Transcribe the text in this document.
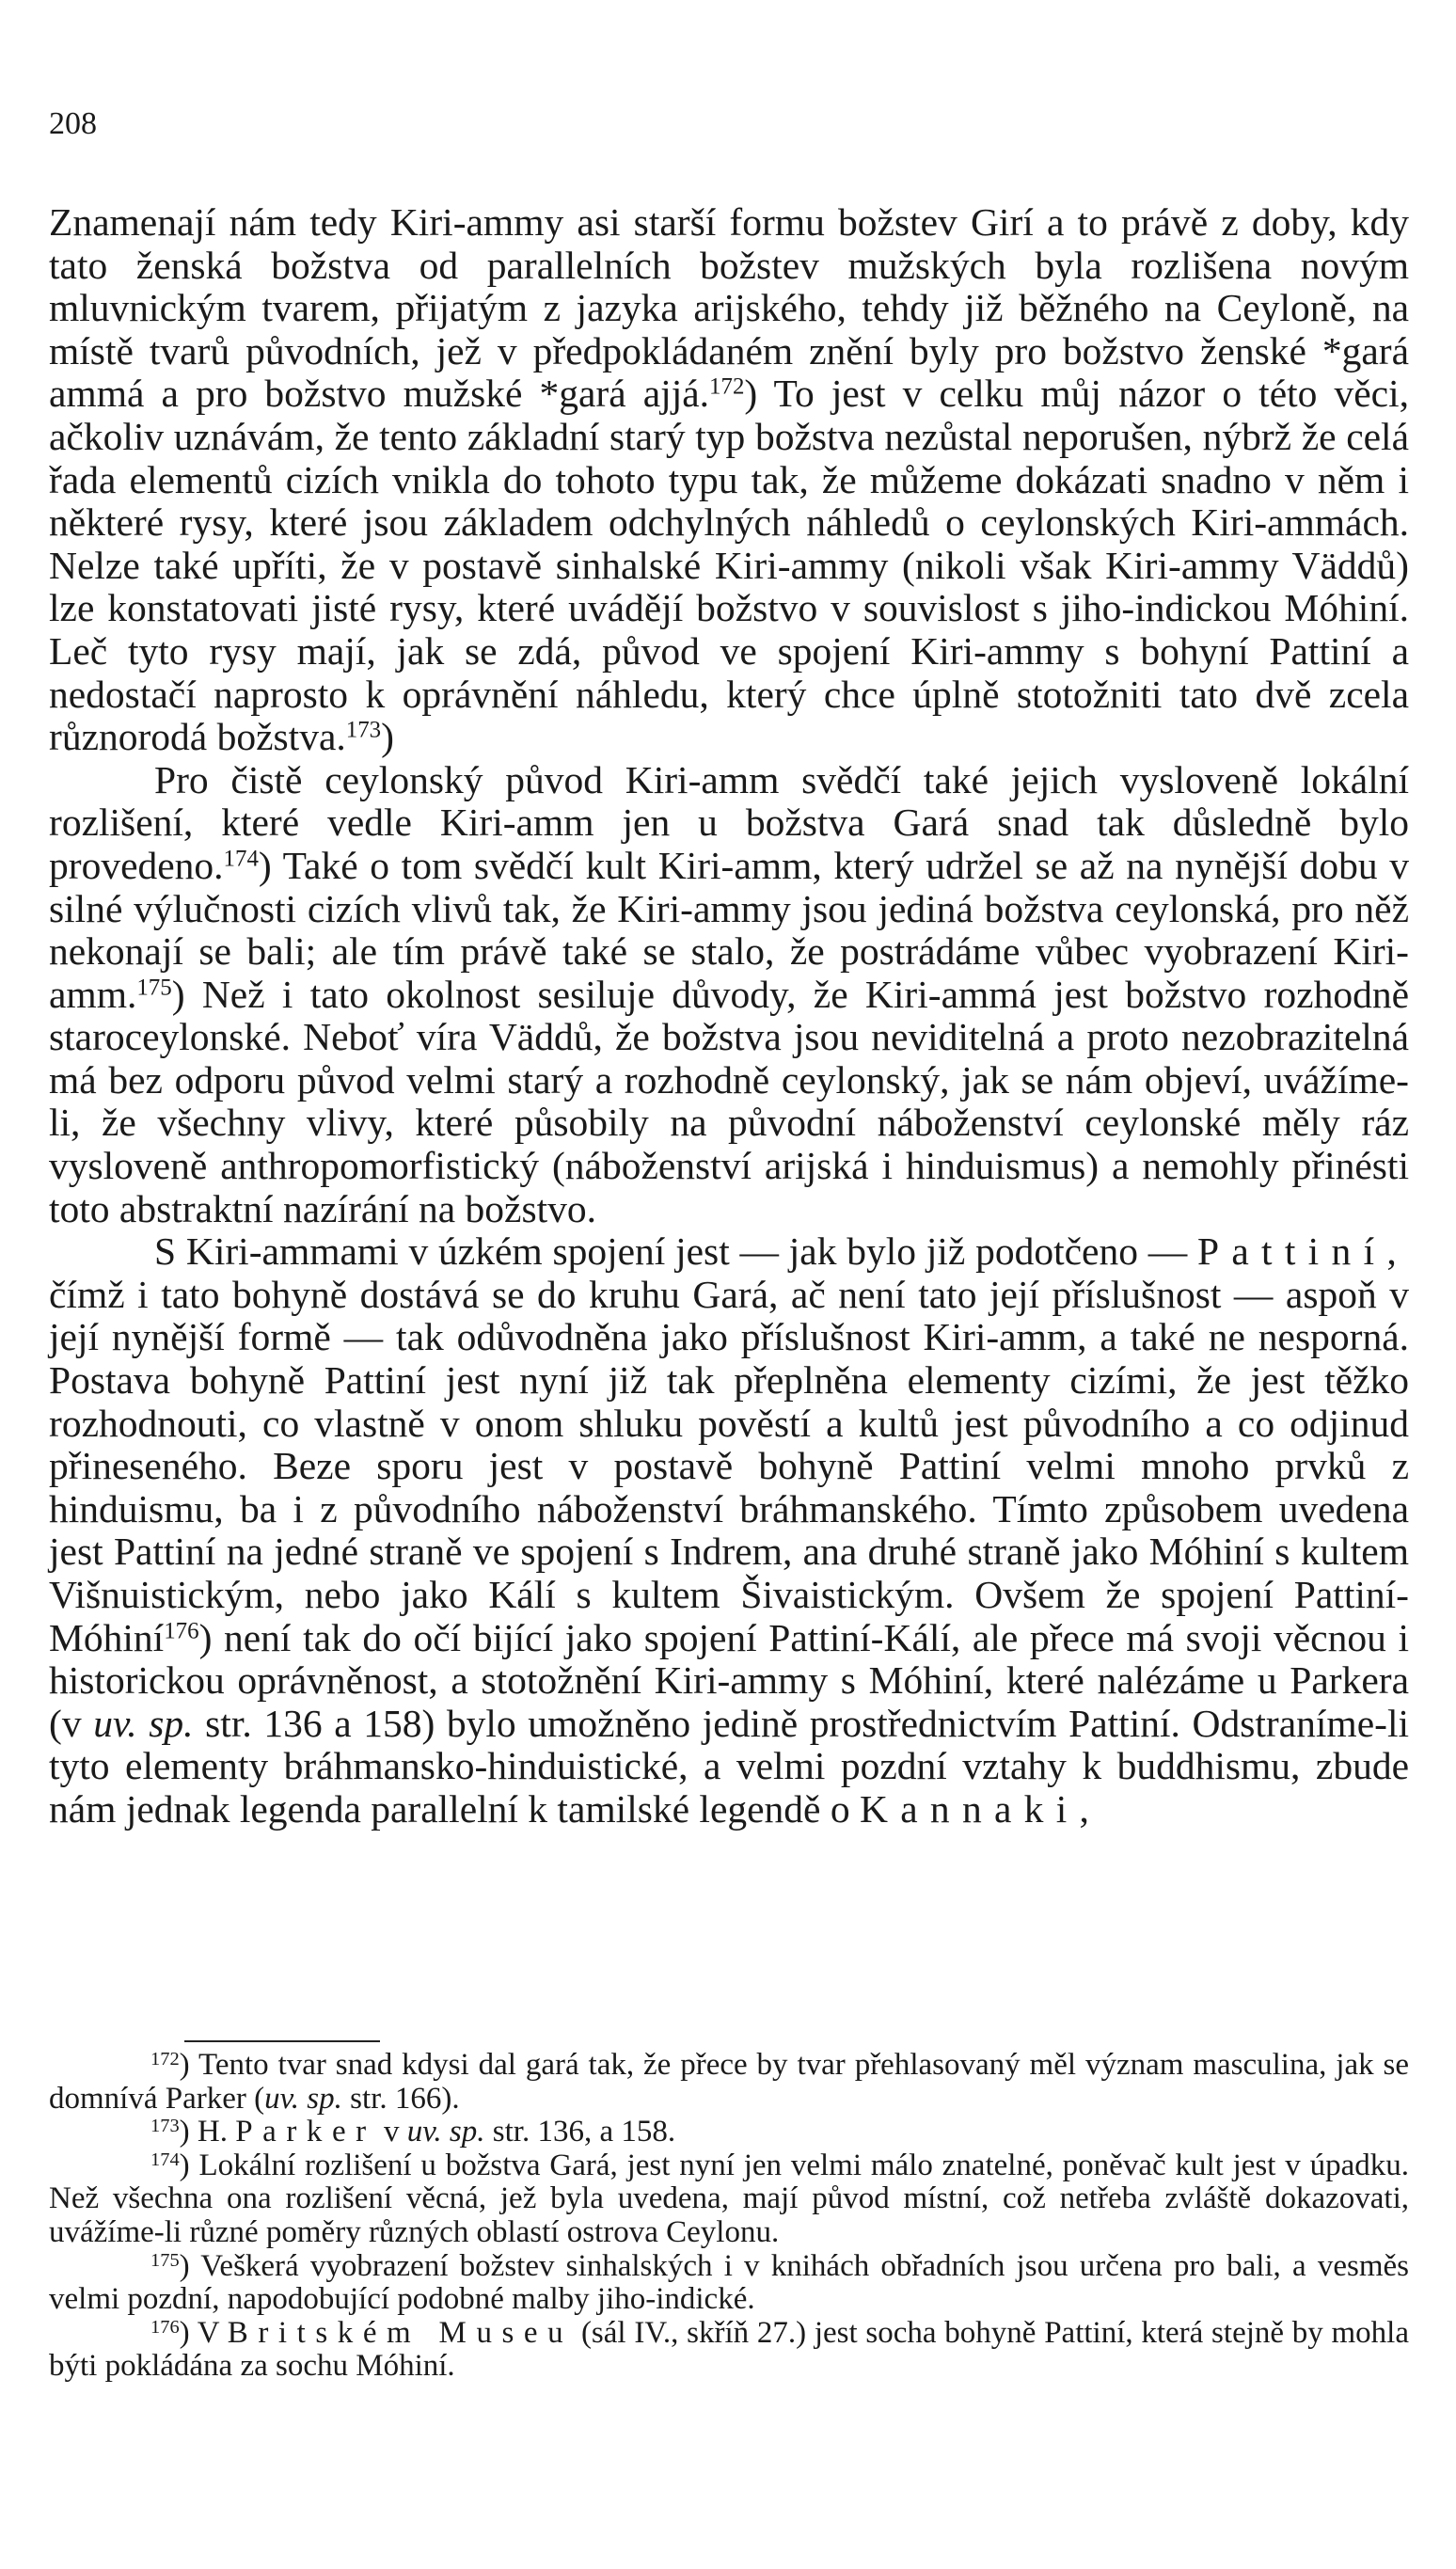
208

Znamenají nám tedy Kiri-ammy asi starší formu božstev Girí a to právě z doby, kdy tato ženská božstva od parallelních božstev mužských byla rozlišena novým mluvnickým tvarem, přijatým z jazyka arijského, tehdy již běžného na Ceyloně, na místě tvarů původních, jež v předpokládaném znění byly pro božstvo ženské *gará ammá a pro božstvo mužské *gará ajjá.$^{172}$) To jest v celku můj názor o této věci, ačkoliv uznávám, že tento základní starý typ božstva nezůstal neporušen, nýbrž že celá řada elementů cizích vnikla do tohoto typu tak, že můžeme dokázati snadno v něm i některé rysy, které jsou základem odchylných náhledů o ceylonských Kiri-ammách. Nelze také upříti, že v postavě sinhalské Kiri-ammy (nikoli však Kiri-ammy Väddů) lze konstatovati jisté rysy, které uvádějí božstvo v souvislost s jiho-indickou Móhiní. Leč tyto rysy mají, jak se zdá, původ ve spojení Kiri-ammy s bohyní Pattiní a nedostačí naprosto k oprávnění náhledu, který chce úplně stotožniti tato dvě zcela různorodá božstva.$^{173}$)

Pro čistě ceylonský původ Kiri-amm svědčí také jejich vysloveně lokální rozlišení, které vedle Kiri-amm jen u božstva Gará snad tak důsledně bylo provedeno.$^{174}$) Také o tom svědčí kult Kiri-amm, který udržel se až na nynější dobu v silné výlučnosti cizích vlivů tak, že Kiri-ammy jsou jediná božstva ceylonská, pro něž nekonají se bali; ale tím právě také se stalo, že postrádáme vůbec vyobrazení Kiri-amm.$^{175}$) Než i tato okolnost sesiluje důvody, že Kiri-ammá jest božstvo rozhodně staroceylonské. Neboť víra Väddů, že božstva jsou neviditelná a proto nezobrazitelná má bez odporu původ velmi starý a rozhodně ceylonský, jak se nám objeví, uvážíme-li, že všechny vlivy, které působily na původní náboženství ceylonské měly ráz vysloveně anthropomorfistický (náboženství arijská i hinduismus) a nemohly přinésti toto abstraktní nazírání na božstvo.

S Kiri-ammami v úzkém spojení jest — jak bylo již podotčeno — Pattiní, čímž i tato bohyně dostává se do kruhu Gará, ač není tato její příslušnost — aspoň v její nynější formě — tak odůvodněna jako příslušnost Kiri-amm, a také ne nesporná. Postava bohyně Pattiní jest nyní již tak přeplněna elementy cizími, že jest těžko rozhodnouti, co vlastně v onom shluku pověstí a kultů jest původního a co odjinud přineseného. Beze sporu jest v postavě bohyně Pattiní velmi mnoho prvků z hinduismu, ba i z původního náboženství bráhmanského. Tímto způsobem uvedena jest Pattiní na jedné straně ve spojení s Indrem, ana druhé straně jako Móhiní s kultem Višnuistickým, nebo jako Kálí s kultem Šivaistickým. Ovšem že spojení Pattiní-Móhiní$^{176}$) není tak do očí bijící jako spojení Pattiní-Kálí, ale přece má svoji věcnou i historickou oprávněnost, a stotožnění Kiri-ammy s Móhiní, které nalézáme u Parkera (v uv. sp. str. 136 a 158) bylo umožněno jedině prostřednictvím Pattiní. Odstraníme-li tyto elementy bráhmansko-hinduistické, a velmi pozdní vztahy k buddhismu, zbude nám jednak legenda parallelní k tamilské legendě o Kannaki,

$^{172}$) Tento tvar snad kdysi dal gará tak, že přece by tvar přehlasovaný měl význam masculina, jak se domnívá Parker (uv. sp. str. 166).

$^{173}$) H. Parker v uv. sp. str. 136, a 158.

$^{174}$) Lokální rozlišení u božstva Gará, jest nyní jen velmi málo znatelné, poněvač kult jest v úpadku. Než všechna ona rozlišení věcná, jež byla uvedena, mají původ místní, což netřeba zvláště dokazovati, uvážíme-li různé poměry různých oblastí ostrova Ceylonu.

$^{175}$) Veškerá vyobrazení božstev sinhalských i v knihách obřadních jsou určena pro bali, a vesměs velmi pozdní, napodobující podobné malby jiho-indické.

$^{176}$) V Britském Museu (sál IV., skříň 27.) jest socha bohyně Pattiní, která stejně by mohla býti pokládána za sochu Móhiní.
